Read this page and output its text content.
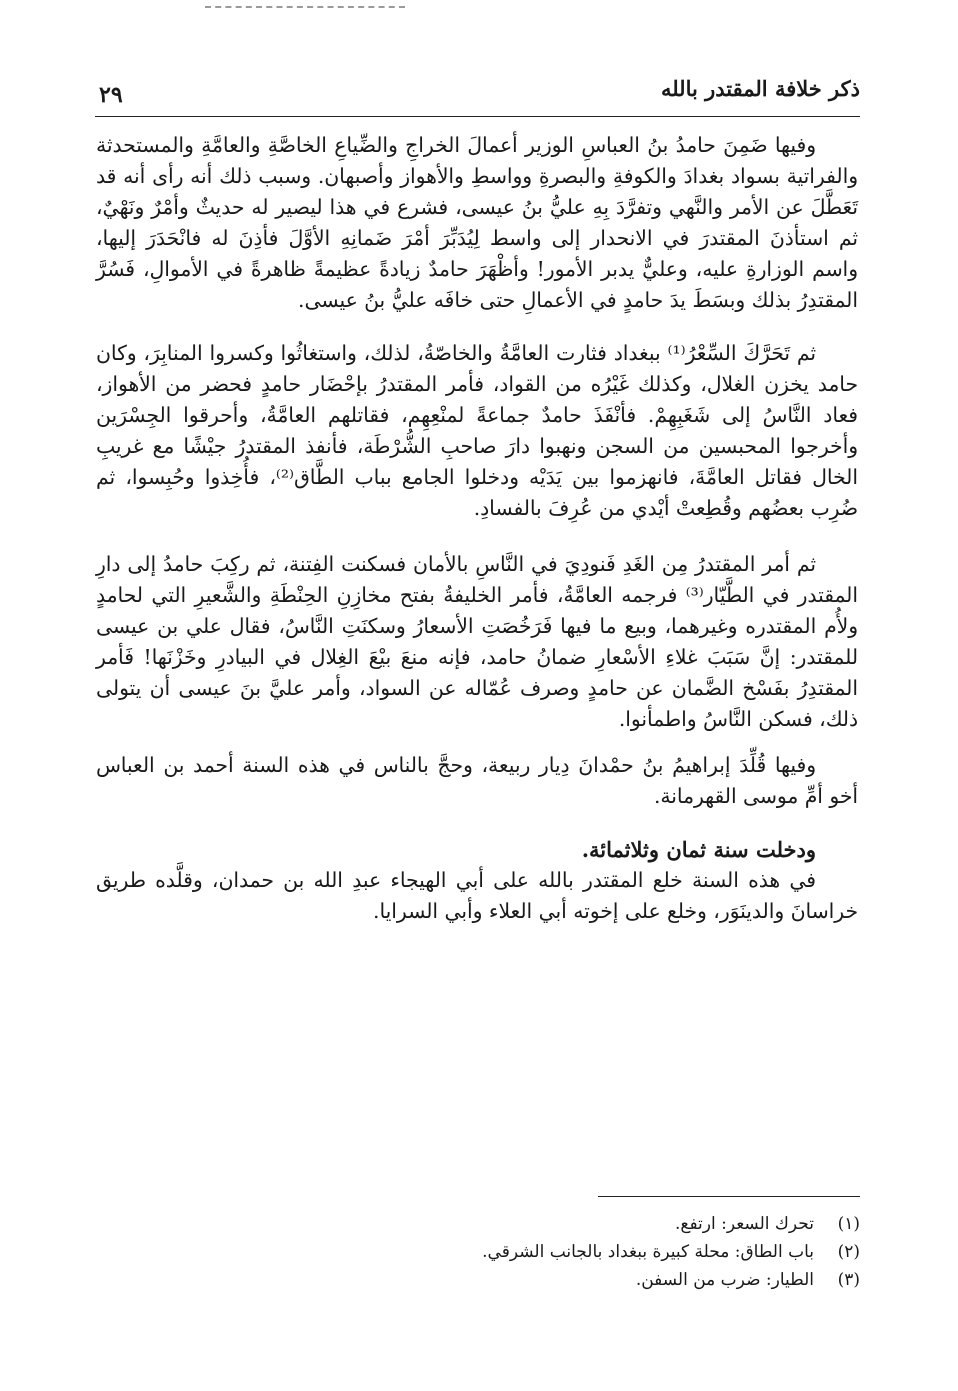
ذكر خلافة المقتدر بالله
٢٩

وفيها ضَمِنَ حامدُ بنُ العباسِ الوزير أعمالَ الخراجِ والضِّياعِ الخاصَّةِ والعامَّةِ والمستحدثة والفراتية بسواد بغدادَ والكوفةِ والبصرةِ وواسطِ والأهواز وأصبهان. وسبب ذلك أنه رأى أنه قد تَعَطَّلَ عن الأمر والنَّهي وتفرَّدَ بِهِ عليُّ بنُ عيسى، فشرع في هذا ليصير له حديثٌ وأمْرٌ ونَهْيٌ، ثم استأذنَ المقتدرَ في الانحدار إلى واسط لِيُدَبِّرَ أمْرَ ضَمانِهِ الأوَّلَ فأذِنَ له فانْحَدَرَ إليها، واسم الوزارةِ عليه، وعليٌّ يدبر الأمور! وأظْهَرَ حامدٌ زيادةً عظيمةً ظاهرةً في الأموالِ، فَسُرَّ المقتدِرُ بذلك وبسَطَ يدَ حامدٍ في الأعمالِ حتى خافَه عليُّ بنُ عيسى.

ثم تَحَرَّكَ السِّعْرُ⁽¹⁾ ببغداد فثارت العامَّةُ والخاصّةُ، لذلك، واستغاثُوا وكسروا المنابِرَ، وكان حامد يخزن الغلال، وكذلك غَيْرُه من القواد، فأمر المقتدرُ بإحْضَار حامدٍ فحضر من الأهواز، فعاد النَّاسُ إلى شَغَبِهِمْ. فأنْفَذَ حامدٌ جماعةً لمنْعِهِم، فقاتلهم العامَّةُ، وأحرقوا الجِسْرَين وأخرجوا المحبسين من السجن ونهبوا دارَ صاحبِ الشُّرْطَة، فأنفذ المقتدرُ جيْشًا مع غريبِ الخال فقاتل العامَّةَ، فانهزموا بين يَدَيْه ودخلوا الجامع بباب الطَّاق⁽²⁾، فأُخِذوا وحُبِسوا، ثم ضُرِب بعضُهم وقُطِعتْ أيْدي من عُرِفَ بالفسادِ.

ثم أمر المقتدرُ مِن الغَدِ فَنودِيَ في النَّاسِ بالأمان فسكنت الفِتنة، ثم ركِبَ حامدُ إلى دارِ المقتدر في الطَّيّار⁽³⁾ فرجمه العامَّةُ، فأمر الخليفةُ بفتح مخازِنِ الحِنْطَةِ والشَّعيرِ التي لحامدٍ ولأُم المقتدره وغيرهما، وبيع ما فيها فَرَخُصَتِ الأسعارُ وسكنَتِ النَّاسُ، فقال علي بن عيسى للمقتدر: إنَّ سَبَبَ غلاءِ الأسْعارِ ضمانُ حامد، فإنه منعَ بيْعَ الغِلال في البيادرِ وخَزْنَها! فَأمر المقتدِرُ بفَسْخ الضَّمان عن حامدٍ وصرف عُمّاله عن السواد، وأمر عليَّ بنَ عيسى أن يتولى ذلك، فسكن النَّاسُ واطمأنوا.

وفيها قُلِّدَ إبراهيمُ بنُ حمْدانَ دِيار ربيعة، وحجَّ بالناس في هذه السنة أحمد بن العباس أخو أمِّ موسى القهرمانة.

ودخلت سنة ثمان وثلاثمائة.

في هذه السنة خلع المقتدر بالله على أبي الهيجاء عبدِ الله بن حمدان، وقلَّده طريق خراسانَ والدينَوَر، وخلع على إخوته أبي العلاء وأبي السرايا.

(١)
تحرك السعر: ارتفع.
(٢)
باب الطاق: محلة كبيرة ببغداد بالجانب الشرقي.
(٣)
الطيار: ضرب من السفن.
